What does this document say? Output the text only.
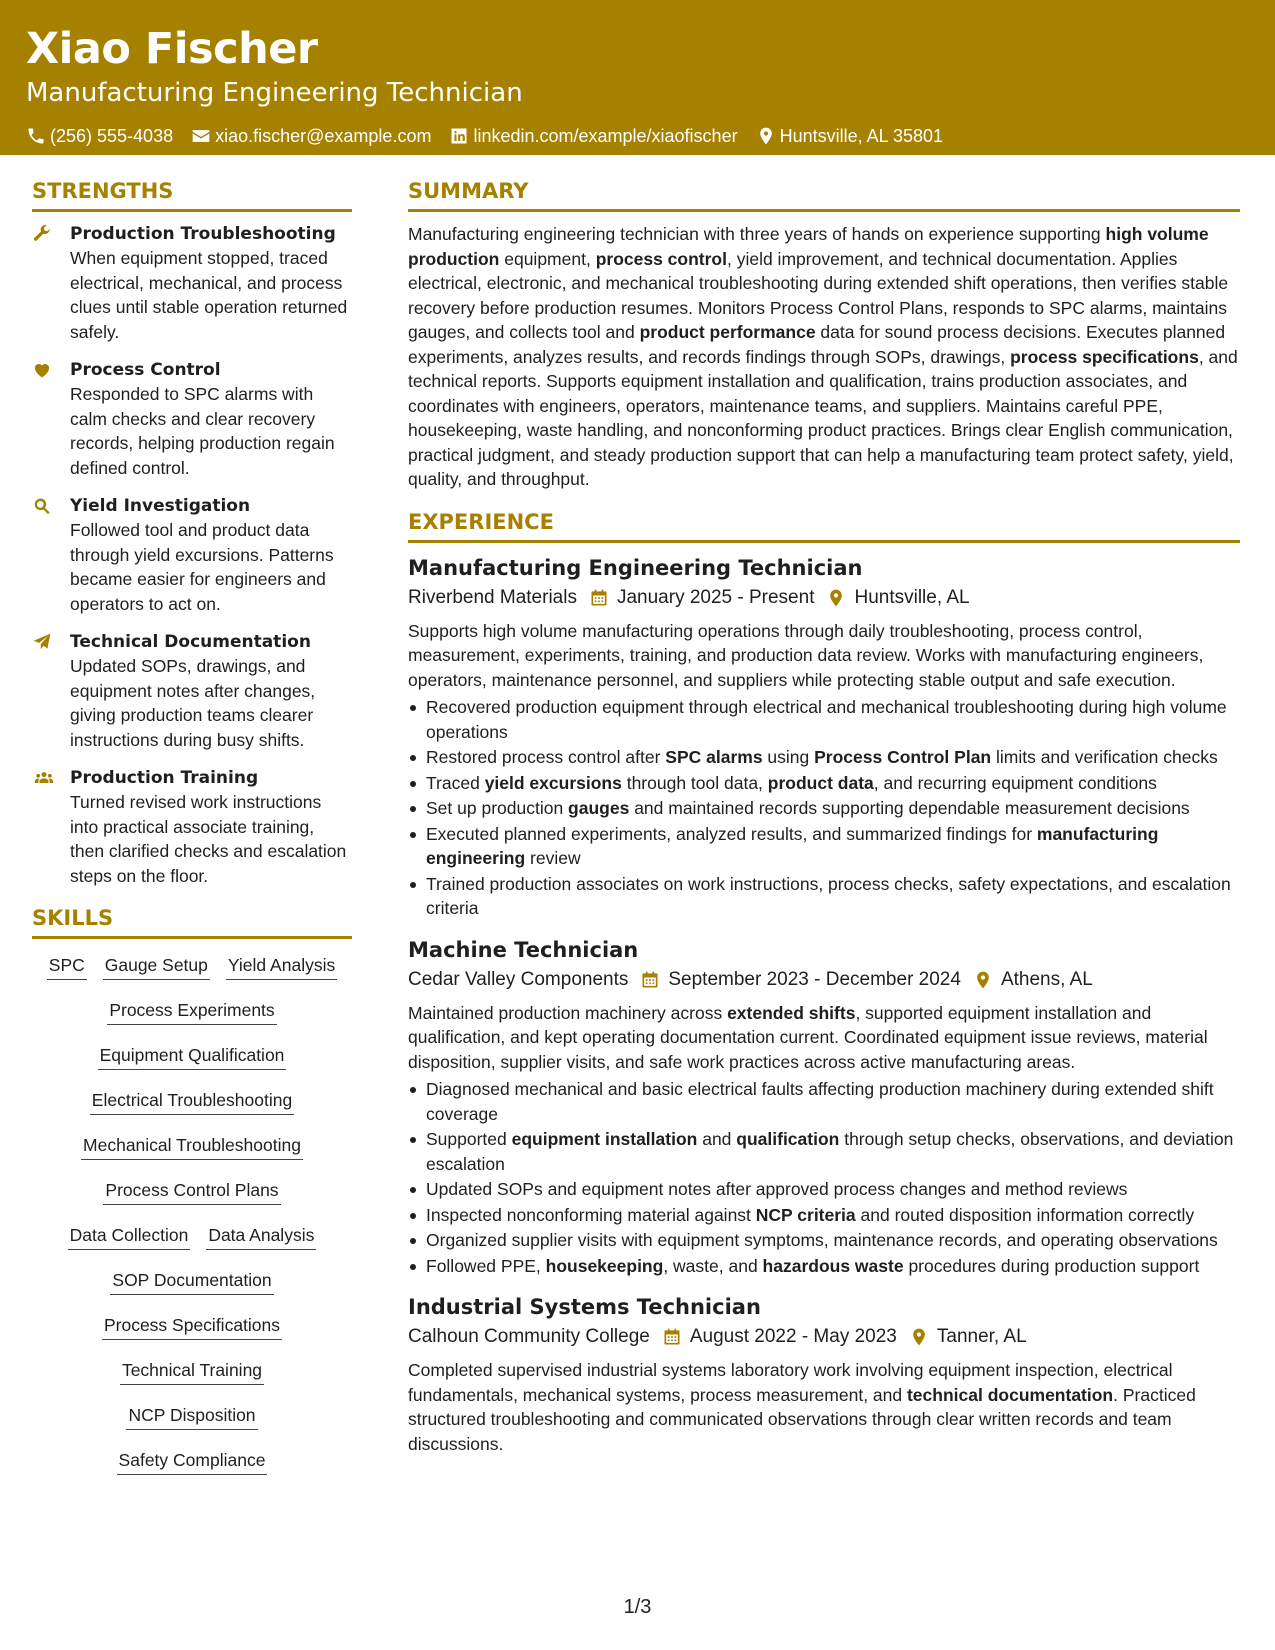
Xiao Fischer
Manufacturing Engineering Technician
(256) 555-4038 xiao.fischer@example.com linkedin.com/example/xiaofischer Huntsville, AL 35801
STRENGTHS
Production Troubleshooting
When equipment stopped, traced electrical, mechanical, and process clues until stable operation returned safely.
Process Control
Responded to SPC alarms with calm checks and clear recovery records, helping production regain defined control.
Yield Investigation
Followed tool and product data through yield excursions. Patterns became easier for engineers and operators to act on.
Technical Documentation
Updated SOPs, drawings, and equipment notes after changes, giving production teams clearer instructions during busy shifts.
Production Training
Turned revised work instructions into practical associate training, then clarified checks and escalation steps on the floor.
SKILLS
SPC Gauge Setup Yield Analysis
Process Experiments
Equipment Qualification
Electrical Troubleshooting
Mechanical Troubleshooting
Process Control Plans
Data Collection Data Analysis
SOP Documentation
Process Specifications
Technical Training
NCP Disposition
Safety Compliance
SUMMARY

Manufacturing engineering technician with three years of hands on experience supporting high volume production equipment, process control, yield improvement, and technical documentation. Applies electrical, electronic, and mechanical troubleshooting during extended shift operations, then verifies stable recovery before production resumes. Monitors Process Control Plans, responds to SPC alarms, maintains gauges, and collects tool and product performance data for sound process decisions. Executes planned experiments, analyzes results, and records findings through SOPs, drawings, process specifications, and technical reports. Supports equipment installation and qualification, trains production associates, and coordinates with engineers, operators, maintenance teams, and suppliers. Maintains careful PPE, housekeeping, waste handling, and nonconforming product practices. Brings clear English communication, practical judgment, and steady production support that can help a manufacturing team protect safety, yield, quality, and throughput.

EXPERIENCE
Manufacturing Engineering Technician
Riverbend Materials January 2025 - Present Huntsville, AL

Supports high volume manufacturing operations through daily troubleshooting, process control, measurement, experiments, training, and production data review. Works with manufacturing engineers, operators, maintenance personnel, and suppliers while protecting stable output and safe execution.

Recovered production equipment through electrical and mechanical troubleshooting during high volume operations
Restored process control after SPC alarms using Process Control Plan limits and verification checks
Traced yield excursions through tool data, product data, and recurring equipment conditions
Set up production gauges and maintained records supporting dependable measurement decisions
Executed planned experiments, analyzed results, and summarized findings for manufacturing engineering review
Trained production associates on work instructions, process checks, safety expectations, and escalation criteria
Machine Technician
Cedar Valley Components September 2023 - December 2024 Athens, AL

Maintained production machinery across extended shifts, supported equipment installation and qualification, and kept operating documentation current. Coordinated equipment issue reviews, material disposition, supplier visits, and safe work practices across active manufacturing areas.

Diagnosed mechanical and basic electrical faults affecting production machinery during extended shift coverage
Supported equipment installation and qualification through setup checks, observations, and deviation escalation
Updated SOPs and equipment notes after approved process changes and method reviews
Inspected nonconforming material against NCP criteria and routed disposition information correctly
Organized supplier visits with equipment symptoms, maintenance records, and operating observations
Followed PPE, housekeeping, waste, and hazardous waste procedures during production support
Industrial Systems Technician
Calhoun Community College August 2022 - May 2023 Tanner, AL

Completed supervised industrial systems laboratory work involving equipment inspection, electrical fundamentals, mechanical systems, process measurement, and technical documentation. Practiced structured troubleshooting and communicated observations through clear written records and team discussions.

1/3
